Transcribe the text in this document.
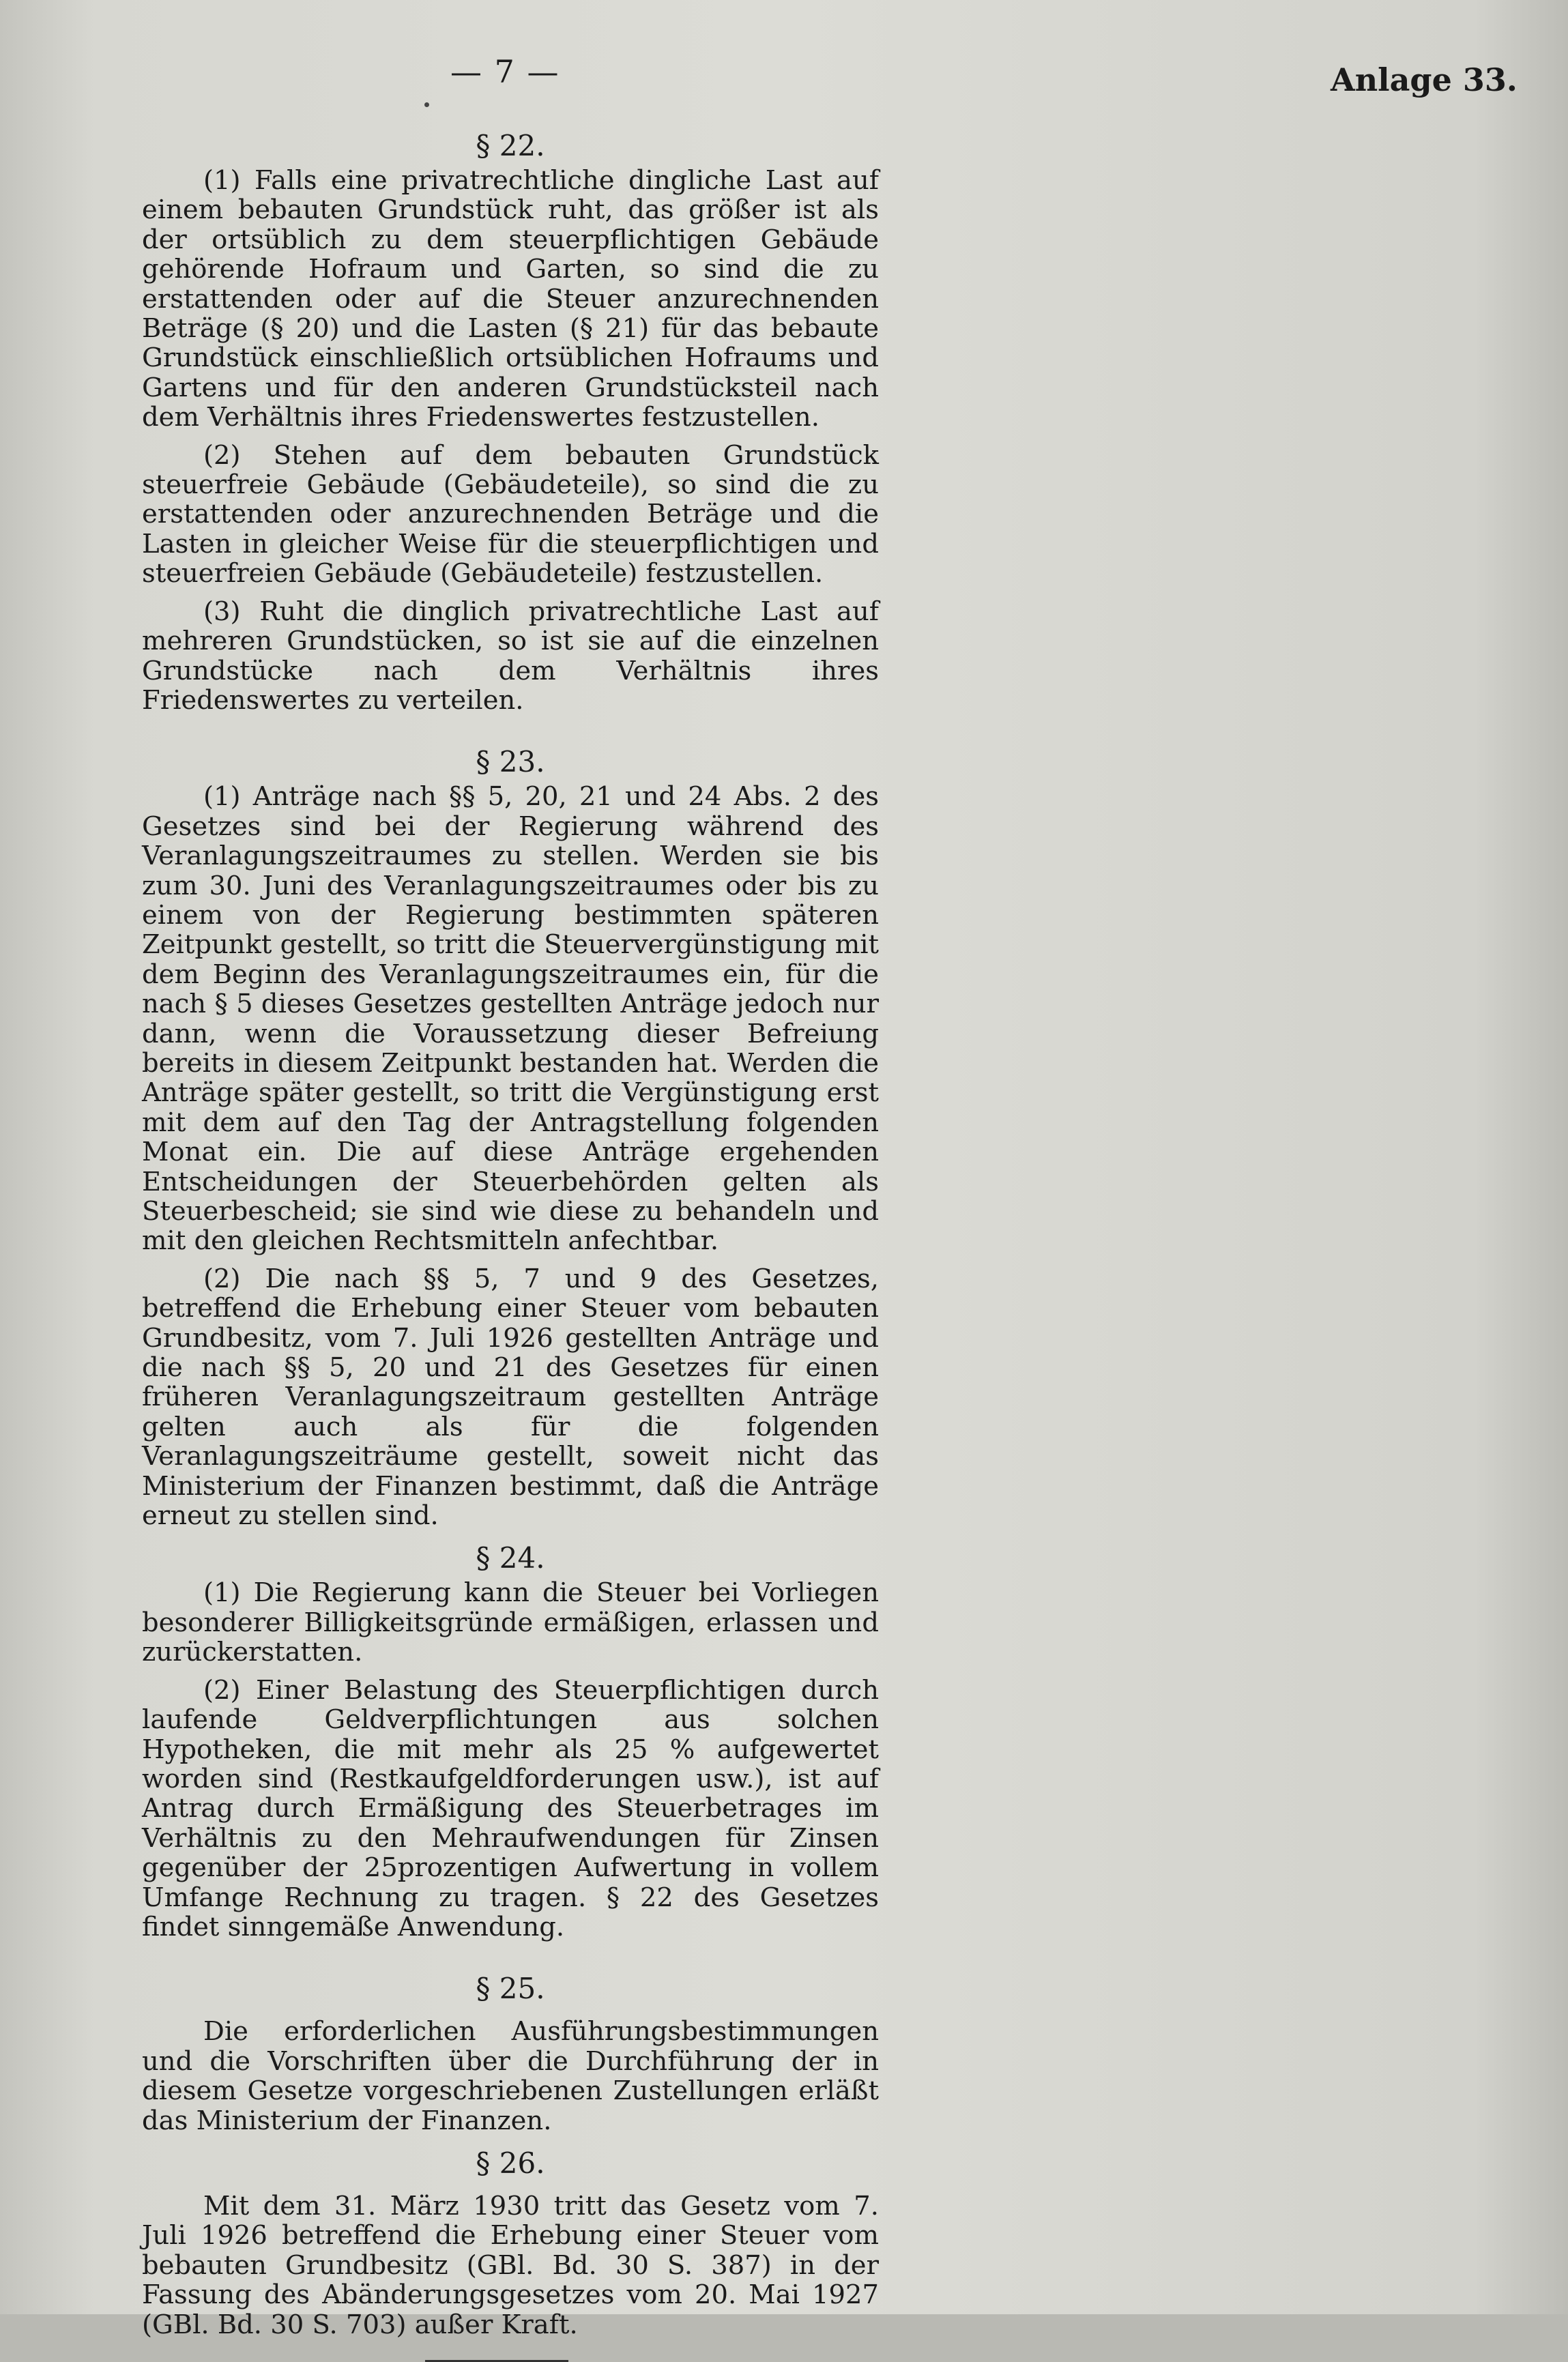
— 7 —	Anlage 33.
§ 22.

(1) Falls eine privatrechtliche dingliche Last auf einem bebauten Grundstück ruht, das größer ist als der ortsüblich zu dem steuerpflichtigen Gebäude gehörende Hofraum und Garten, so sind die zu erstattenden oder auf die Steuer anzurechnenden Beträge (§ 20) und die Lasten (§ 21) für das bebaute Grundstück einschließlich ortsüblichen Hofraums und Gartens und für den anderen Grundstücksteil nach dem Verhältnis ihres Friedenswertes festzustellen.

(2) Stehen auf dem bebauten Grundstück steuerfreie Gebäude (Gebäudeteile), so sind die zu erstattenden oder anzurechnenden Beträge und die Lasten in gleicher Weise für die steuerpflichtigen und steuerfreien Gebäude (Gebäudeteile) festzustellen.

(3) Ruht die dinglich privatrechtliche Last auf mehreren Grundstücken, so ist sie auf die einzelnen Grundstücke nach dem Verhältnis ihres Friedenswertes zu verteilen.

§ 23.

(1) Anträge nach §§ 5, 20, 21 und 24 Abs. 2 des Gesetzes sind bei der Regierung während des Veranlagungszeitraumes zu stellen. Werden sie bis zum 30. Juni des Veranlagungszeitraumes oder bis zu einem von der Regierung bestimmten späteren Zeitpunkt gestellt, so tritt die Steuervergünstigung mit dem Beginn des Veranlagungszeitraumes ein, für die nach § 5 dieses Gesetzes gestellten Anträge jedoch nur dann, wenn die Voraussetzung dieser Befreiung bereits in diesem Zeitpunkt bestanden hat. Werden die Anträge später gestellt, so tritt die Vergünstigung erst mit dem auf den Tag der Antragstellung folgenden Monat ein. Die auf diese Anträge ergehenden Entscheidungen der Steuerbehörden gelten als Steuerbescheid; sie sind wie diese zu behandeln und mit den gleichen Rechtsmitteln anfechtbar.

(2) Die nach §§ 5, 7 und 9 des Gesetzes, betreffend die Erhebung einer Steuer vom bebauten Grundbesitz, vom 7. Juli 1926 gestellten Anträge und die nach §§ 5, 20 und 21 des Gesetzes für einen früheren Veranlagungszeitraum gestellten Anträge gelten auch als für die folgenden Veranlagungszeiträume gestellt, soweit nicht das Ministerium der Finanzen bestimmt, daß die Anträge erneut zu stellen sind.

§ 24.

(1) Die Regierung kann die Steuer bei Vorliegen besonderer Billigkeitsgründe ermäßigen, erlassen und zurückerstatten.

(2) Einer Belastung des Steuerpflichtigen durch laufende Geldverpflichtungen aus solchen Hypotheken, die mit mehr als 25 % aufgewertet worden sind (Restkaufgeldforderungen usw.), ist auf Antrag durch Ermäßigung des Steuerbetrages im Verhältnis zu den Mehraufwendungen für Zinsen gegenüber der 25prozentigen Aufwertung in vollem Umfange Rechnung zu tragen. § 22 des Gesetzes findet sinngemäße Anwendung.

§ 25.

Die erforderlichen Ausführungsbestimmungen und die Vorschriften über die Durchführung der in diesem Gesetze vorgeschriebenen Zustellungen erläßt das Ministerium der Finanzen.

§ 26.

Mit dem 31. März 1930 tritt das Gesetz vom 7. Juli 1926 betreffend die Erhebung einer Steuer vom bebauten Grundbesitz (GBl. Bd. 30 S. 387) in der Fassung des Abänderungsgesetzes vom 20. Mai 1927 (GBl. Bd. 30 S. 703) außer Kraft.
